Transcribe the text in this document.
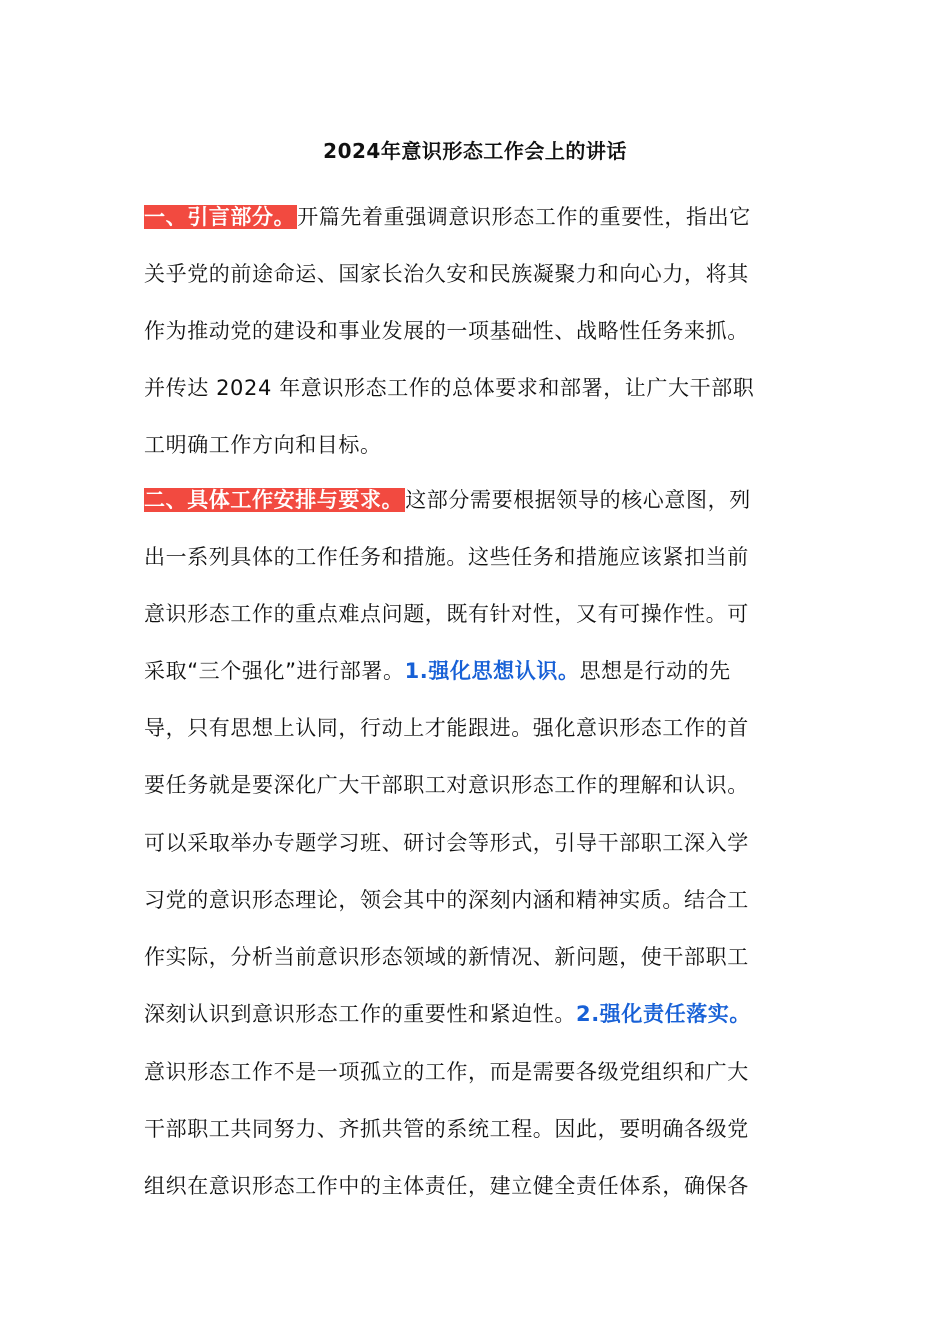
2024年意识形态工作会上的讲话
一、引言部分。开篇先着重强调意识形态工作的重要性，指出它
关乎党的前途命运、国家长治久安和民族凝聚力和向心力，将其
作为推动党的建设和事业发展的一项基础性、战略性任务来抓。
并传达 2024 年意识形态工作的总体要求和部署，让广大干部职
工明确工作方向和目标。
二、具体工作安排与要求。这部分需要根据领导的核心意图，列
出一系列具体的工作任务和措施。这些任务和措施应该紧扣当前
意识形态工作的重点难点问题，既有针对性，又有可操作性。可
采取“三个强化”进行部署。1.强化思想认识。思想是行动的先
导，只有思想上认同，行动上才能跟进。强化意识形态工作的首
要任务就是要深化广大干部职工对意识形态工作的理解和认识。
可以采取举办专题学习班、研讨会等形式，引导干部职工深入学
习党的意识形态理论，领会其中的深刻内涵和精神实质。结合工
作实际，分析当前意识形态领域的新情况、新问题，使干部职工
深刻认识到意识形态工作的重要性和紧迫性。2.强化责任落实。
意识形态工作不是一项孤立的工作，而是需要各级党组织和广大
干部职工共同努力、齐抓共管的系统工程。因此，要明确各级党
组织在意识形态工作中的主体责任，建立健全责任体系，确保各
